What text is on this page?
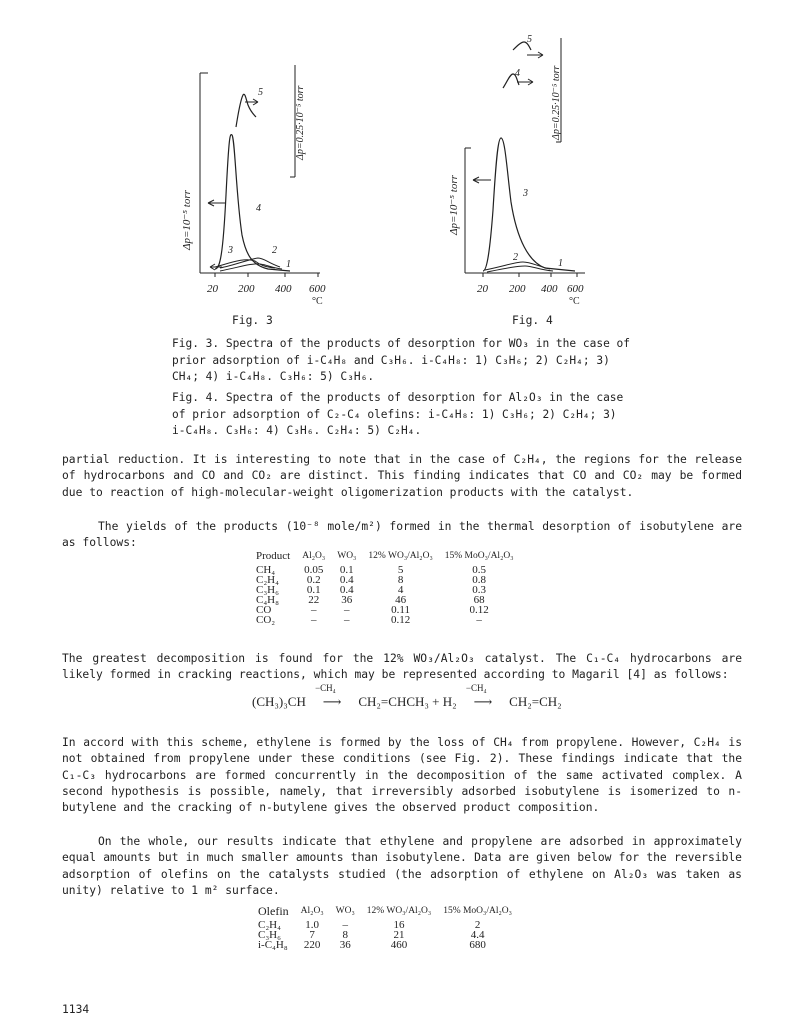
Δp=10⁻⁵ torr
Δp=0.25·10⁻⁵ torr
5
4
3	2
1
20 200 400 600
°C
Δp=10⁻⁵ torr
Δp=0.25·10⁻⁵ torr
5
4
3
2
1
20 200 400 600
°C
Fig. 3	Fig. 4
Fig. 3. Spectra of the products of desorption for WO₃ in the case of prior adsorption of i-C₄H₈ and C₃H₆. i-C₄H₈: 1) C₃H₆; 2) C₂H₄; 3) CH₄; 4) i-C₄H₈. C₃H₆: 5) C₃H₆.
Fig. 4. Spectra of the products of desorption for Al₂O₃ in the case of prior adsorption of C₂-C₄ olefins: i-C₄H₈: 1) C₃H₆; 2) C₂H₄; 3) i-C₄H₈. C₃H₆: 4) C₃H₆. C₂H₄: 5) C₂H₄.
partial reduction. It is interesting to note that in the case of C₂H₄, the regions for the release of hydrocarbons and CO and CO₂ are distinct. This finding indicates that CO and CO₂ may be formed due to reaction of high-molecular-weight oligomerization products with the catalyst.
The yields of the products (10⁻⁸ mole/m²) formed in the thermal desorption of isobutylene are as follows:
Product	Al₂O₃	WO₃	12% WO₃/Al₂O₃	15% MoO₃/Al₂O₃
CH₄	0.05	0.1	5	0.5
C₂H₄	0.2	0.4	8	0.8
C₃H₆	0.1	0.4	4	0.3
C₄H₈	22	36	46	68
CO	–	–	0.11	0.12
CO₂	–	–	0.12	–
The greatest decomposition is found for the 12% WO₃/Al₂O₃ catalyst. The C₁-C₄ hydrocarbons are likely formed in cracking reactions, which may be represented according to Magaril [4] as follows:
(CH₃)₃CH
−CH₄
⟶ CH₂=CHCH₃ + H₂
−CH₄
⟶ CH₂=CH₂
In accord with this scheme, ethylene is formed by the loss of CH₄ from propylene. However, C₂H₄ is not obtained from propylene under these conditions (see Fig. 2). These findings indicate that the C₁-C₃ hydrocarbons are formed concurrently in the decomposition of the same activated complex. A second hypothesis is possible, namely, that irreversibly adsorbed isobutylene is isomerized to n-butylene and the cracking of n-butylene gives the observed product composition.
On the whole, our results indicate that ethylene and propylene are adsorbed in approximately equal amounts but in much smaller amounts than isobutylene. Data are given below for the reversible adsorption of olefins on the catalysts studied (the adsorption of ethylene on Al₂O₃ was taken as unity) relative to 1 m² surface.
Olefin	Al₂O₃	WO₃	12% WO₃/Al₂O₃	15% MoO₃/Al₂O₃
C₂H₄	1.0	–	16	2
C₃H₆	7	8	21	4.4
i-C₄H₈	220	36	460	680
1134
